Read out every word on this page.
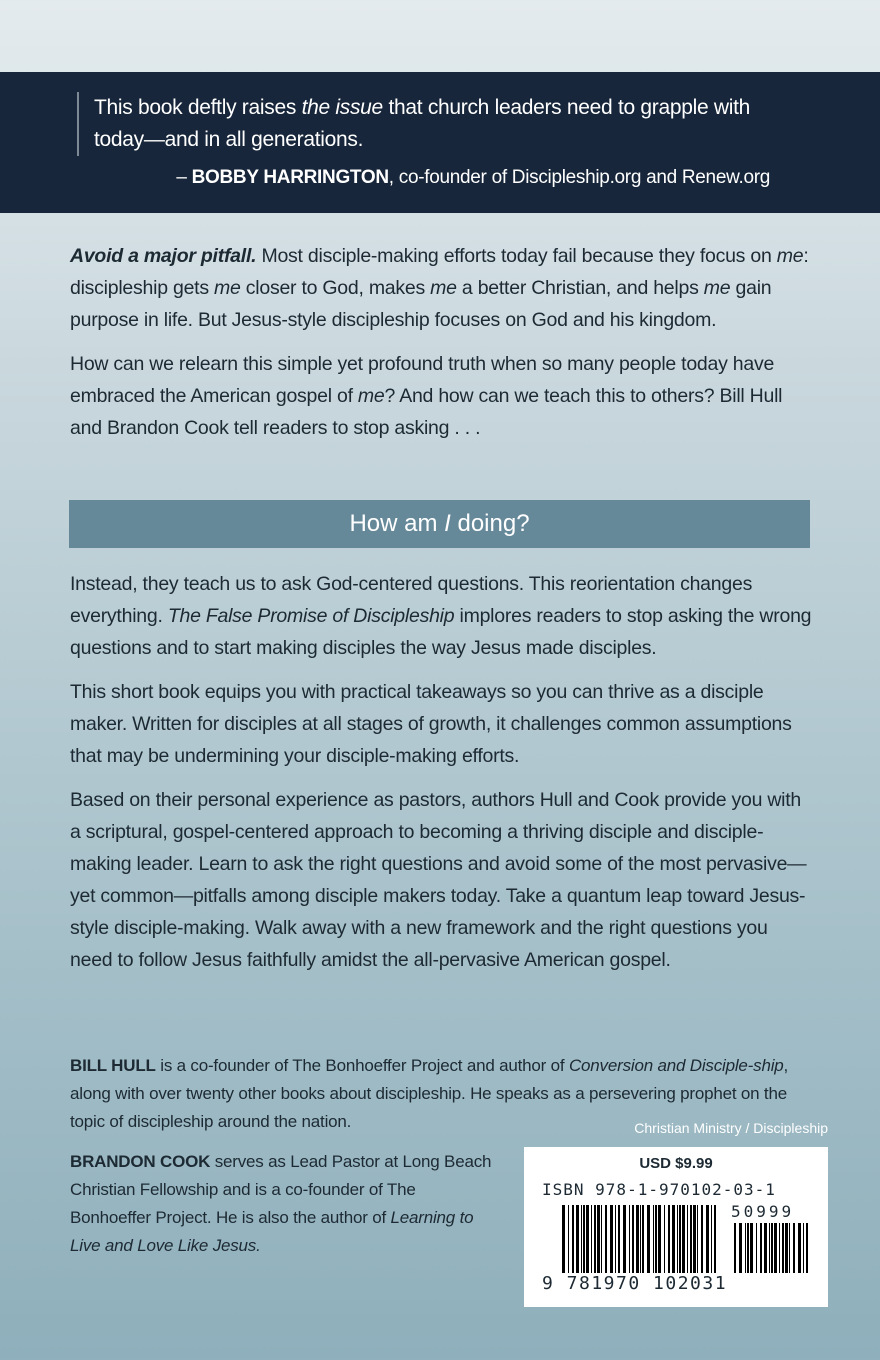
This book deftly raises the issue that church leaders need to grapple with today—and in all generations.
– BOBBY HARRINGTON, co-founder of Discipleship.org and Renew.org

Avoid a major pitfall. Most disciple-making efforts today fail because they focus on me: discipleship gets me closer to God, makes me a better Christian, and helps me gain purpose in life. But Jesus-style discipleship focuses on God and his kingdom.

How can we relearn this simple yet profound truth when so many people today have embraced the American gospel of me? And how can we teach this to others? Bill Hull and Brandon Cook tell readers to stop asking . . .

How am I doing?

Instead, they teach us to ask God-centered questions. This reorientation changes everything. The False Promise of Discipleship implores readers to stop asking the wrong questions and to start making disciples the way Jesus made disciples.

This short book equips you with practical takeaways so you can thrive as a disciple maker. Written for disciples at all stages of growth, it challenges common assumptions that may be undermining your disciple-making efforts.

Based on their personal experience as pastors, authors Hull and Cook provide you with a scriptural, gospel-centered approach to becoming a thriving disciple and disciple-making leader. Learn to ask the right questions and avoid some of the most pervasive—yet common—pitfalls among disciple makers today. Take a quantum leap toward Jesus-style disciple-making. Walk away with a new framework and the right questions you need to follow Jesus faithfully amidst the all-pervasive American gospel.

BILL HULL is a co-founder of The Bonhoeffer Project and author of Conversion and Disciple-ship, along with over twenty other books about discipleship. He speaks as a persevering prophet on the topic of discipleship around the nation.

BRANDON COOK serves as Lead Pastor at Long Beach Christian Fellowship and is a co-founder of The Bonhoeffer Project. He is also the author of Learning to Live and Love Like Jesus.

Christian Ministry / Discipleship
USD $9.99
ISBN 978-1-970102-03-1
50999
9 781970 102031
